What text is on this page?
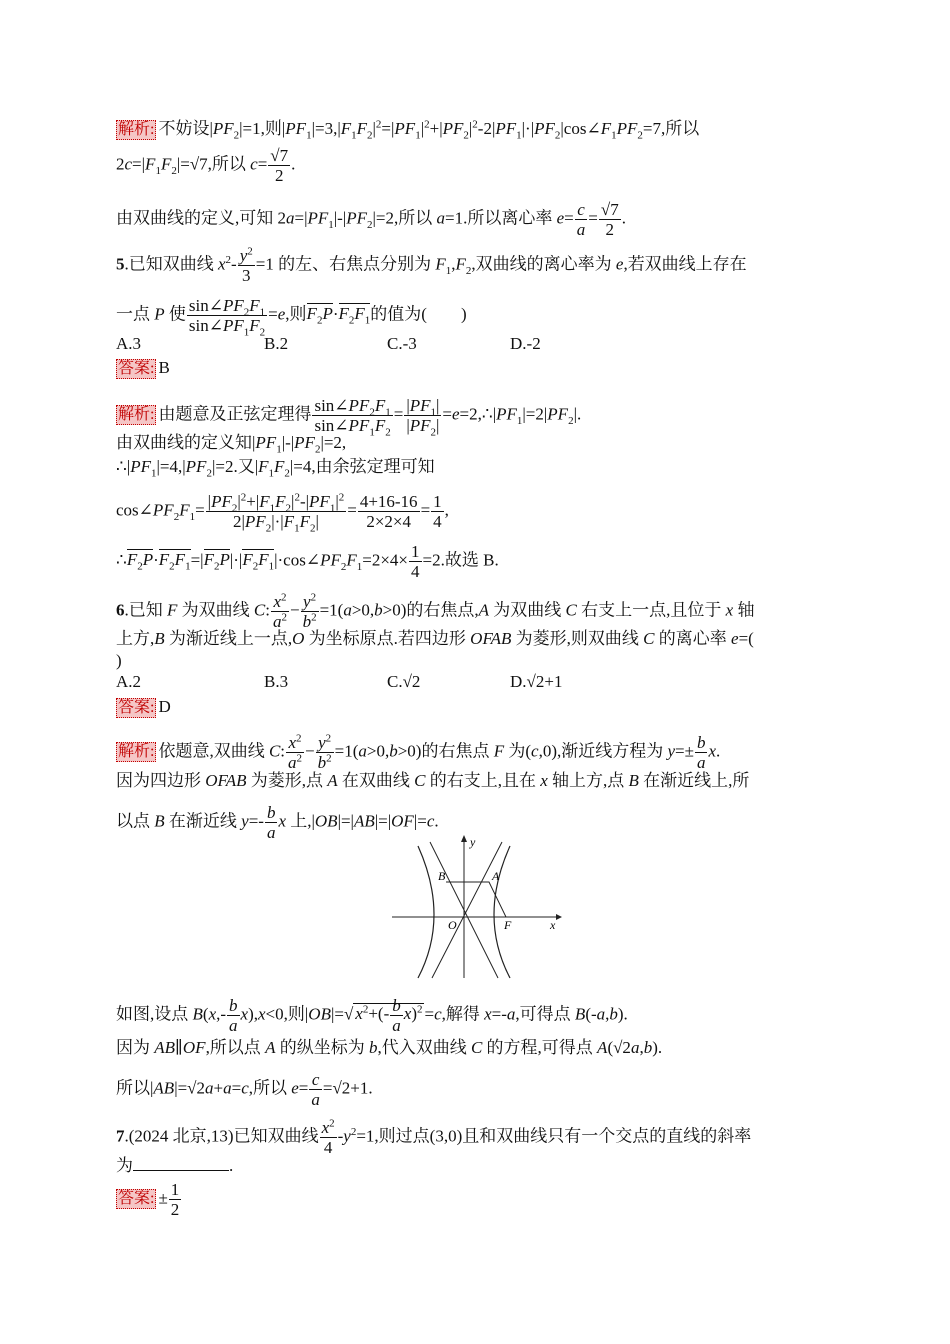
解析: 不妨设$|PF_2|=1$,则$|PF_1|=3,|F_1F_2|^2=|PF_1|^2+|PF_2|^2-2|PF_1|\cdot|PF_2|\cos\angle F_1PF_2=7$,所以
$2c=|F_1F_2|=√7$,所以 $c= \frac{√7}{2}$ .
由双曲线的定义,可知 $2a=|PF_1|-|PF_2|=2$,所以 a=1.所以离心率 $e= \frac{c}{a} = \frac{√7}{2}$ .
5.已知双曲线 $x^2- \frac{y^2}{3} =1$ 的左、右焦点分别为 $F_1,F_2$,双曲线的离心率为 e,若双曲线上存在
一点 P 使 $\frac{\sin\angle PF_2F_1}{\sin\angle PF_1F_2} =e$,则$F_2P\cdot F_2F_1$的值为(        )
A.3	B.2	C.-3	D.-2
答案: B
解析: 由题意及正弦定理得 $\frac{\sin\angle PF_2F_1}{\sin\angle PF_1F_2} = \frac{|PF_1|}{|PF_2|}$ $=e=2,\therefore|PF_1|=2|PF_2|$.
由双曲线的定义知$|PF_1|-|PF_2|=2$,
$\therefore|PF_1|=4,|PF_2|=2$.又$|F_1F_2|=4$,由余弦定理可知
$\cos\angle PF_2F_1= \frac{|PF_2|^2+|F_1F_2|^2-|PF_1|^2}{2|PF_2|\cdot|F_1F_2|} = \frac{4+16-16}{2\times 2\times 4} = \frac{1}{4}$ ,
$\therefore F_2P\cdot F_2F_1=|F_2P|\cdot|F_2F_1|\cdot\cos\angle PF_2F_1=2\times 4\times \frac{1}{4} =2$.故选 B.
6.已知 F 为双曲线 C: $\frac{x^2}{a^2} - \frac{y^2}{b^2} =1(a>0,b>0)$的右焦点,A 为双曲线 C 右支上一点,且位于 x 轴
上方,B 为渐近线上一点,O 为坐标原点.若四边形 OFAB 为菱形,则双曲线 C 的离心率 e=(
)
A.2	B.3	C.√2	D.√2+1
答案: D
解析: 依题意,双曲线 C: $\frac{x^2}{a^2} - \frac{y^2}{b^2} =1(a>0,b>0)$的右焦点 F 为(c,0),渐近线方程为 $y=\pm \frac{b}{a} x$.
因为四边形 OFAB 为菱形,点 A 在双曲线 C 的右支上,且在 x 轴上方,点 B 在渐近线上,所
以点 B 在渐近线 $y=- \frac{b}{a}$ x 上,|OB|=|AB|=|OF|=c.
y
x
O	F
A
B
如图,设点 $B(x,- \frac{b}{a} x),x<0$,则|OB|=√ $x^2+(- \frac{b}{a} x)^2 =c$,解得 x=-a,可得点 B(-a,b).
因为 AB∥OF,所以点 A 的纵坐标为 b,代入双曲线 C 的方程,可得点 A(√2a,b).
所以|AB|=√2a+a=c,所以 $e= \frac{c}{a} =√2+1$.
7.(2024 北京,13)已知双曲线 $\frac{x^2}{4} -y^2=1$,则过点(3,0)且和双曲线只有一个交点的直线的斜率
为	.
答案: ± $\frac{1}{2}$
